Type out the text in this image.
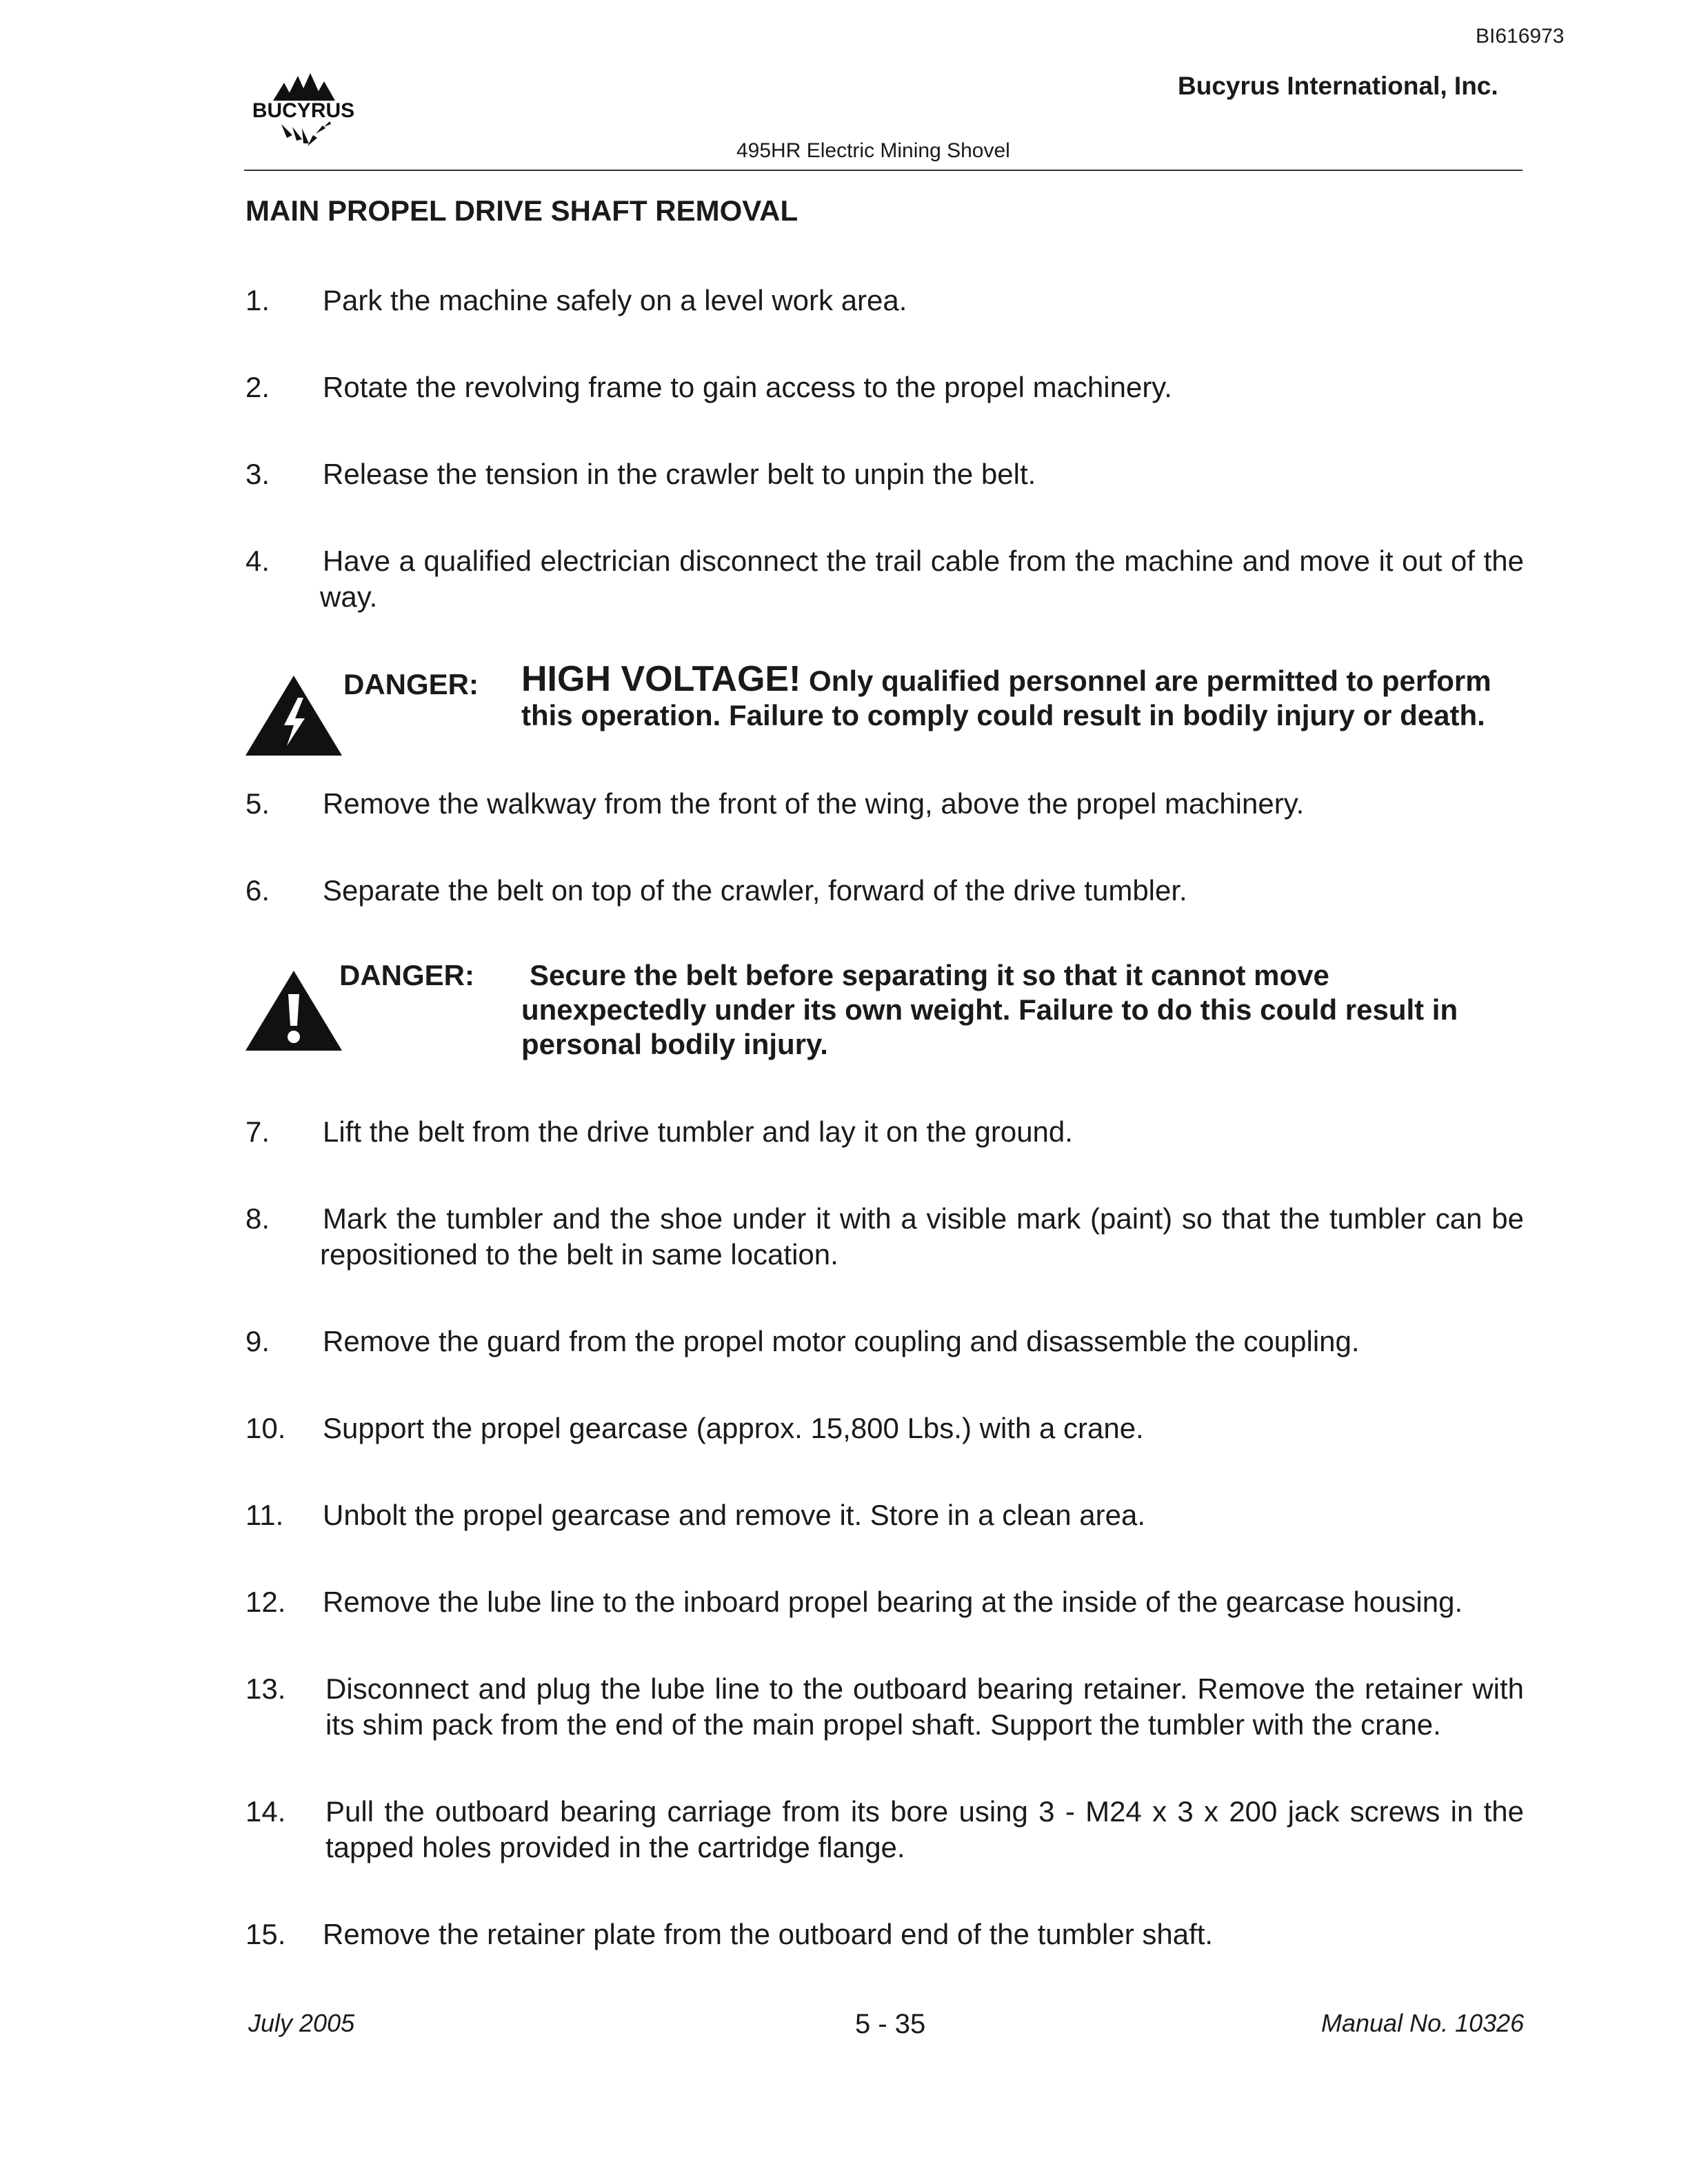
BI616973
BUCYRUS
Bucyrus International, Inc.
495HR Electric Mining Shovel
MAIN PROPEL DRIVE SHAFT REMOVAL
1. Park the machine safely on a level work area.
2. Rotate the revolving frame to gain access to the propel machinery.
3. Release the tension in the crawler belt to unpin the belt.
4. Have a qualified electrician disconnect the trail cable from the machine and move it out of the way.
DANGER: HIGH VOLTAGE! Only qualified personnel are permitted to perform this operation. Failure to comply could result in bodily injury or death.
5. Remove the walkway from the front of the wing, above the propel machinery.
6. Separate the belt on top of the crawler, forward of the drive tumbler.
DANGER: Secure the belt before separating it so that it cannot move unexpectedly under its own weight. Failure to do this could result in personal bodily injury.
7. Lift the belt from the drive tumbler and lay it on the ground.
8. Mark the tumbler and the shoe under it with a visible mark (paint) so that the tumbler can be repositioned to the belt in same location.
9. Remove the guard from the propel motor coupling and disassemble the coupling.
10. Support the propel gearcase (approx. 15,800 Lbs.) with a crane.
11. Unbolt the propel gearcase and remove it. Store in a clean area.
12. Remove the lube line to the inboard propel bearing at the inside of the gearcase housing.
13. Disconnect and plug the lube line to the outboard bearing retainer. Remove the retainer with its shim pack from the end of the main propel shaft. Support the tumbler with the crane.
14. Pull the outboard bearing carriage from its bore using 3 - M24 x 3 x 200 jack screws in the tapped holes provided in the cartridge flange.
15. Remove the retainer plate from the outboard end of the tumbler shaft.
July 2005	5 - 35	Manual No. 10326
